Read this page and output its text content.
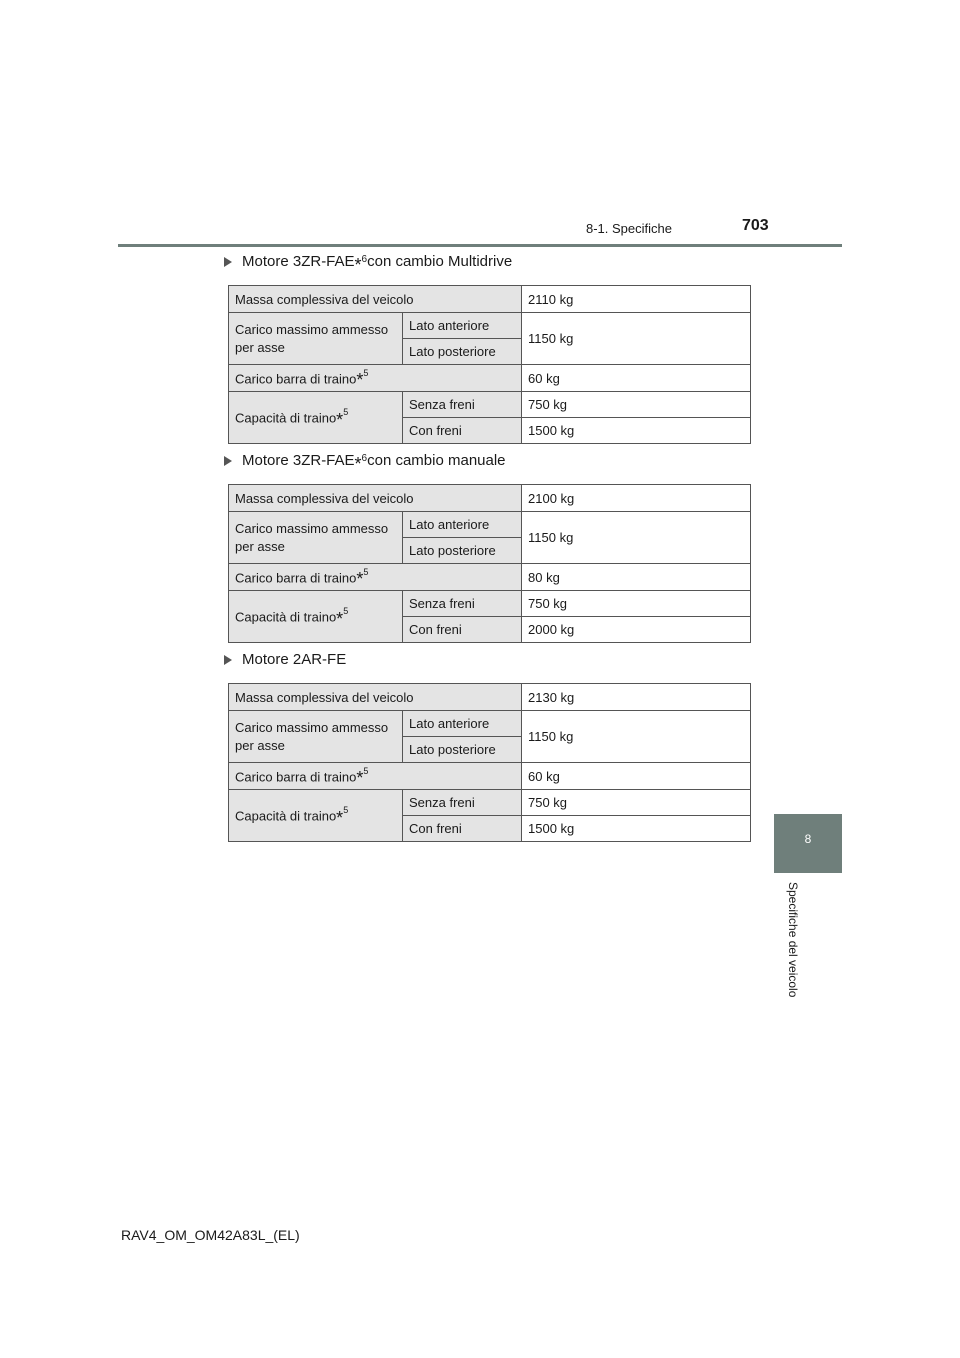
8-1. Specifiche	703
8
Specifiche del veicolo
Motore 3ZR-FAE *$^6$ con cambio Multidrive
Massa complessiva del veicolo		2110 kg
Carico massimo ammesso per asse	Lato anteriore	1150 kg
	Lato posteriore	
Carico barra di traino*$^5$		60 kg
Capacità di traino*$^5$	Senza freni	750 kg
	Con freni	1500 kg
Motore 3ZR-FAE *$^6$ con cambio manuale
Massa complessiva del veicolo		2100 kg
Carico massimo ammesso per asse	Lato anteriore	1150 kg
	Lato posteriore	
Carico barra di traino*$^5$		80 kg
Capacità di traino*$^5$	Senza freni	750 kg
	Con freni	2000 kg
Motore 2AR-FE
Massa complessiva del veicolo		2130 kg
Carico massimo ammesso per asse	Lato anteriore	1150 kg
	Lato posteriore	
Carico barra di traino*$^5$		60 kg
Capacità di traino*$^5$	Senza freni	750 kg
	Con freni	1500 kg
RAV4_OM_OM42A83L_(EL)
